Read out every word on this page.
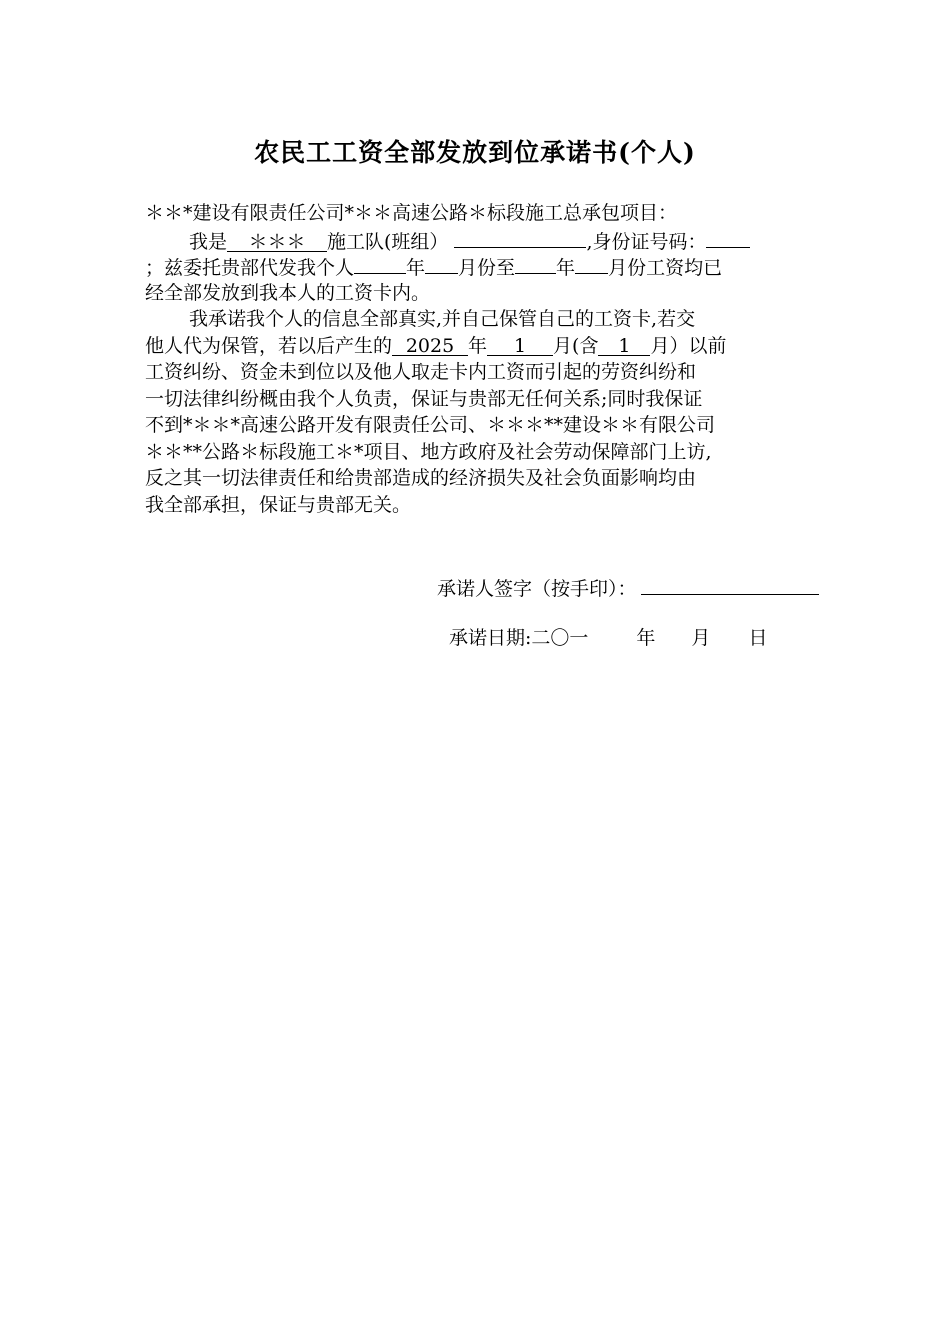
农民工工资全部发放到位承诺书(个人)
＊＊*建设有限责任公司*＊＊高速公路＊标段施工总承包项目：
我是 ＊＊＊ 施工队(班组）	,身份证号码：
；兹委托贵部代发我个人	年 月份至 年 月份工资均已
经全部发放到我本人的工资卡内。
我承诺我个人的信息全部真实,并自己保管自己的工资卡,若交
他人代为保管，若以后产生的 2025 年 1 月(含 1 月）以前
工资纠纷、资金未到位以及他人取走卡内工资而引起的劳资纠纷和
一切法律纠纷概由我个人负责，保证与贵部无任何关系;同时我保证
不到*＊＊*高速公路开发有限责任公司、＊＊＊**建设＊＊有限公司
＊＊**公路＊标段施工＊*项目、地方政府及社会劳动保障部门上访,
反之其一切法律责任和给贵部造成的经济损失及社会负面影响均由
我全部承担，保证与贵部无关。
承诺人签字（按手印）：
承诺日期:二〇一	年 月 日
